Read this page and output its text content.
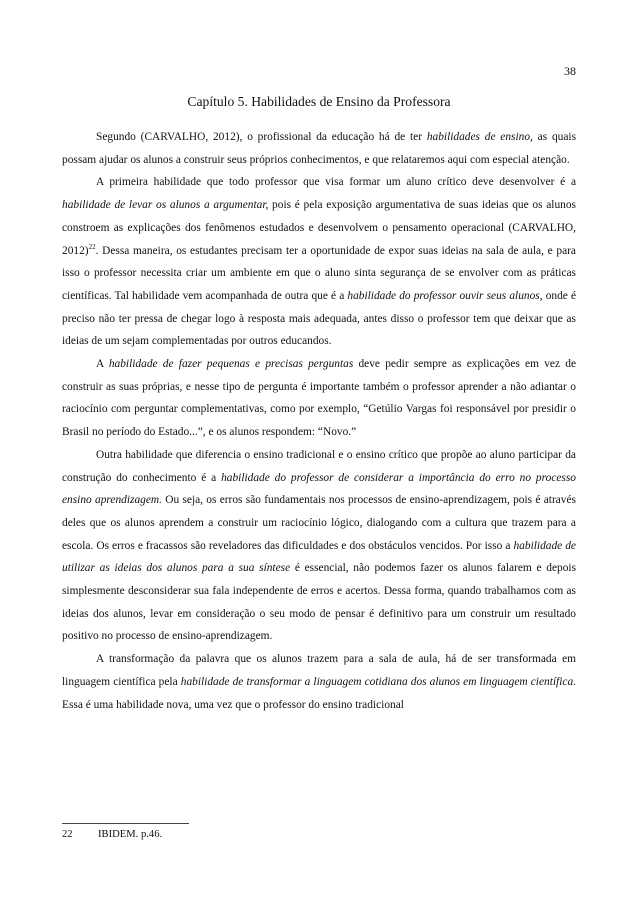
38
Capítulo 5. Habilidades de Ensino da Professora

Segundo (CARVALHO, 2012), o profissional da educação há de ter habilidades de ensino, as quais possam ajudar os alunos a construir seus próprios conhecimentos, e que relataremos aqui com especial atenção.

A primeira habilidade que todo professor que visa formar um aluno crítico deve desenvolver é a habilidade de levar os alunos a argumentar, pois é pela exposição argumentativa de suas ideias que os alunos constroem as explicações dos fenômenos estudados e desenvolvem o pensamento operacional (CARVALHO, 2012)$^{22}$. Dessa maneira, os estudantes precisam ter a oportunidade de expor suas ideias na sala de aula, e para isso o professor necessita criar um ambiente em que o aluno sinta segurança de se envolver com as práticas científicas. Tal habilidade vem acompanhada de outra que é a habilidade do professor ouvir seus alunos, onde é preciso não ter pressa de chegar logo à resposta mais adequada, antes disso o professor tem que deixar que as ideias de um sejam complementadas por outros educandos.

A habilidade de fazer pequenas e precisas perguntas deve pedir sempre as explicações em vez de construir as suas próprias, e nesse tipo de pergunta é importante também o professor aprender a não adiantar o raciocínio com perguntar complementativas, como por exemplo, “Getúlio Vargas foi responsável por presidir o Brasil no período do Estado...”, e os alunos respondem: “Novo.”

Outra habilidade que diferencia o ensino tradicional e o ensino crítico que propõe ao aluno participar da construção do conhecimento é a habilidade do professor de considerar a importância do erro no processo ensino aprendizagem. Ou seja, os erros são fundamentais nos processos de ensino-aprendizagem, pois é através deles que os alunos aprendem a construir um raciocínio lógico, dialogando com a cultura que trazem para a escola. Os erros e fracassos são reveladores das dificuldades e dos obstáculos vencidos. Por isso a habilidade de utilizar as ideias dos alunos para a sua síntese é essencial, não podemos fazer os alunos falarem e depois simplesmente desconsiderar sua fala independente de erros e acertos. Dessa forma, quando trabalhamos com as ideias dos alunos, levar em consideração o seu modo de pensar é definitivo para um construir um resultado positivo no processo de ensino-aprendizagem.

A transformação da palavra que os alunos trazem para a sala de aula, há de ser transformada em linguagem científica pela habilidade de transformar a linguagem cotidiana dos alunos em linguagem científica. Essa é uma habilidade nova, uma vez que o professor do ensino tradicional

22 IBIDEM. p.46.
